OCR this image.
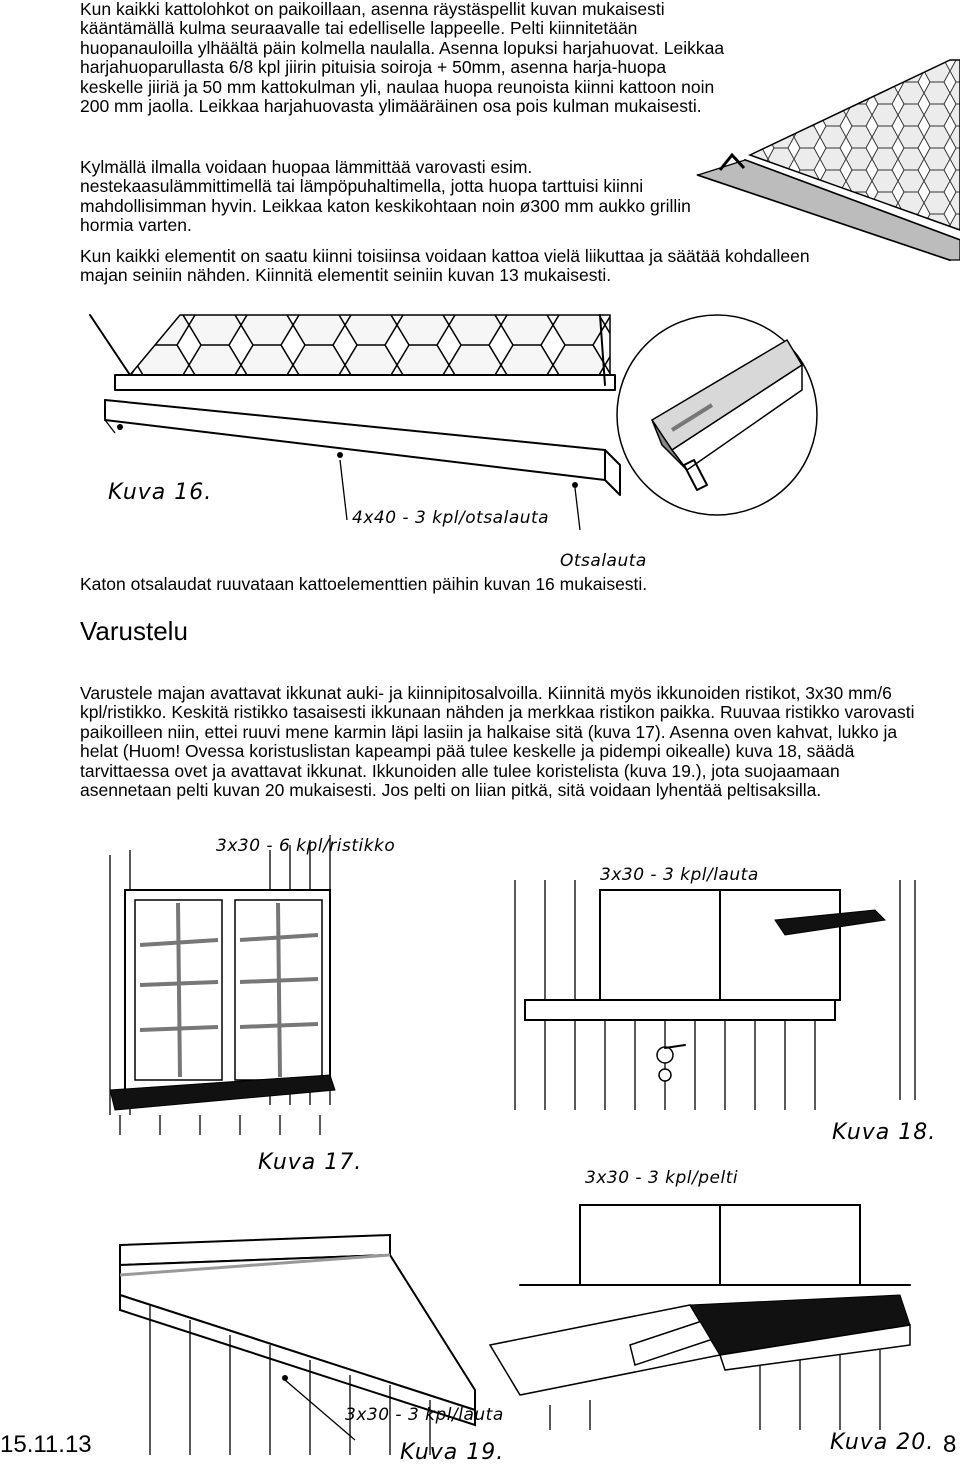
Kun kaikki kattolohkot on paikoillaan, asenna räystäspellit kuvan mukaisesti kääntämällä kulma seuraavalle tai edelliselle lappeelle. Pelti kiinnitetään huopanauloilla ylhäältä päin kolmella naulalla. Asenna lopuksi harjahuovat. Leikkaa harjahuoparullasta 6/8 kpl jiirin pituisia soiroja + 50mm, asenna harja-huopa keskelle jiiriä ja 50 mm kattokulman yli, naulaa huopa reunoista kiinni kattoon noin 200 mm jaolla. Leikkaa harjahuovasta ylimääräinen osa pois kulman mukaisesti.

Kylmällä ilmalla voidaan huopaa lämmittää varovasti esim. nestekaasulämmittimellä tai lämpöpuhaltimella, jotta huopa tarttuisi kiinni mahdollisimman hyvin. Leikkaa katon keskikohtaan noin ø300 mm aukko grillin hormia varten.

Kun kaikki elementit on saatu kiinni toisiinsa voidaan kattoa vielä liikuttaa ja säätää kohdalleen majan seiniin nähden. Kiinnitä elementit seiniin kuvan 13 mukaisesti.

Kuva 16.
4x40 - 3 kpl/otsalauta
Otsalauta

Katon otsalaudat ruuvataan kattoelementtien päihin kuvan 16 mukaisesti.

Varustelu

Varustele majan avattavat ikkunat auki- ja kiinnipitosalvoilla. Kiinnitä myös ikkunoiden ristikot, 3x30 mm/6 kpl/ristikko. Keskitä ristikko tasaisesti ikkunaan nähden ja merkkaa ristikon paikka. Ruuvaa ristikko varovasti paikoilleen niin, ettei ruuvi mene karmin läpi lasiin ja halkaise sitä (kuva 17). Asenna oven kahvat, lukko ja helat (Huom! Ovessa koristuslistan kapeampi pää tulee keskelle ja pidempi oikealle) kuva 18, säädä tarvittaessa ovet ja avattavat ikkunat. Ikkunoiden alle tulee koristelista (kuva 19.), jota suojaamaan asennetaan pelti kuvan 20 mukaisesti. Jos pelti on liian pitkä, sitä voidaan lyhentää peltisaksilla.

3x30 - 6 kpl/ristikko
Kuva 17.
3x30 - 3 kpl/lauta
Kuva 18.
3x30 - 3 kpl/lauta
Kuva 19.
3x30 - 3 kpl/pelti
Kuva 20.
15.11.13	8
